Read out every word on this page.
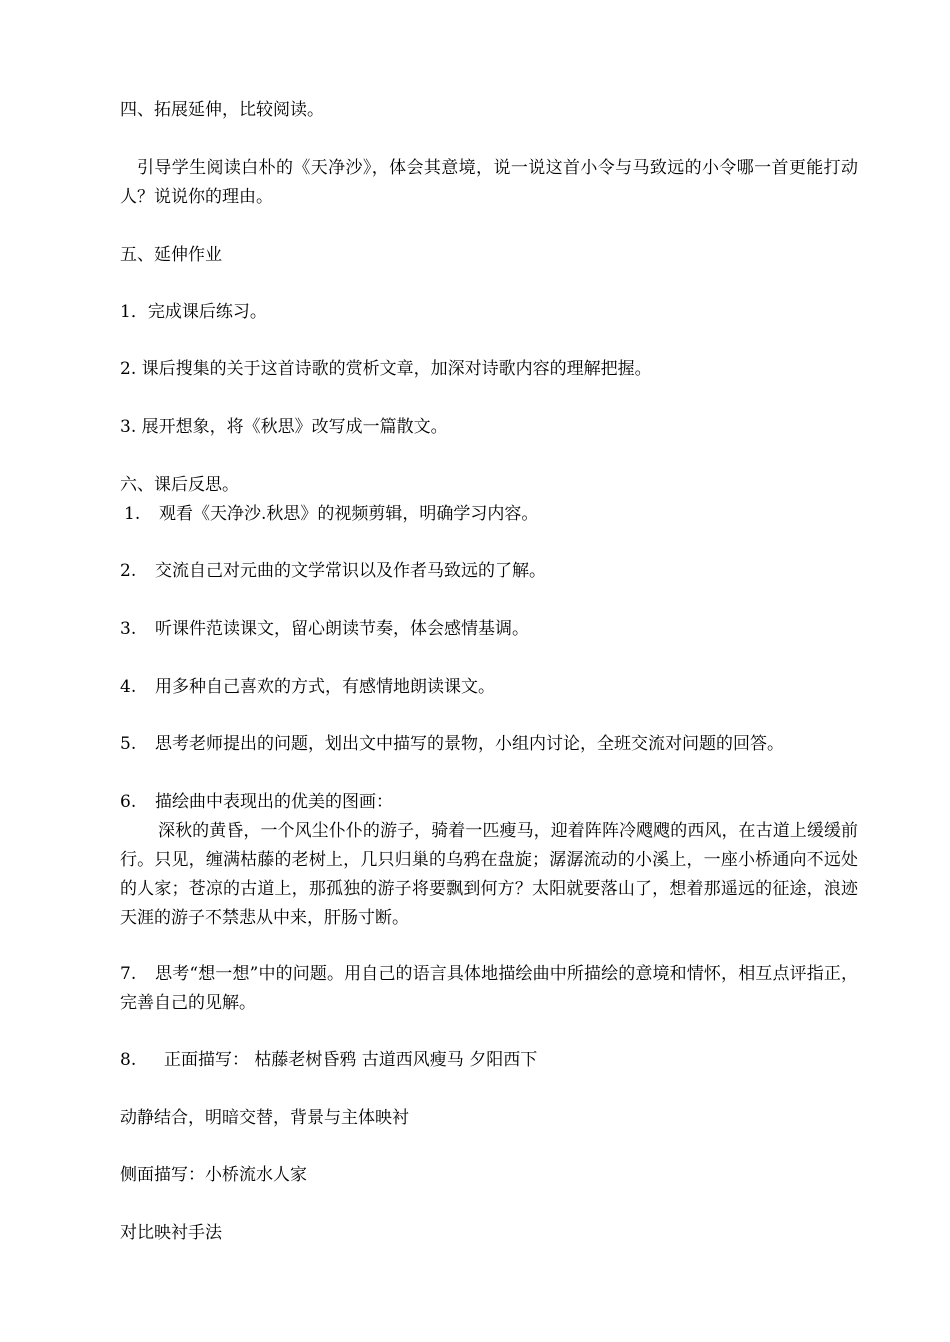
四、拓展延伸，比较阅读。
引导学生阅读白朴的《天净沙》，体会其意境，说一说这首小令与马致远的小令哪一首更能打动人？说说你的理由。
五、延伸作业
1．完成课后练习。
2. 课后搜集的关于这首诗歌的赏析文章，加深对诗歌内容的理解把握。
3. 展开想象，将《秋思》改写成一篇散文。
六、课后反思。
1. 观看《天净沙.秋思》的视频剪辑，明确学习内容。
2. 交流自己对元曲的文学常识以及作者马致远的了解。
3. 听课件范读课文，留心朗读节奏，体会感情基调。
4. 用多种自己喜欢的方式，有感情地朗读课文。
5. 思考老师提出的问题，划出文中描写的景物，小组内讨论，全班交流对问题的回答。
6. 描绘曲中表现出的优美的图画：
深秋的黄昏，一个风尘仆仆的游子，骑着一匹瘦马，迎着阵阵冷飕飕的西风，在古道上缓缓前行。只见，缠满枯藤的老树上，几只归巢的乌鸦在盘旋；潺潺流动的小溪上，一座小桥通向不远处的人家；苍凉的古道上，那孤独的游子将要飘到何方？太阳就要落山了，想着那遥远的征途，浪迹天涯的游子不禁悲从中来，肝肠寸断。
7. 思考“想一想”中的问题。用自己的语言具体地描绘曲中所描绘的意境和情怀，相互点评指正，完善自己的见解。
8. 正面描写： 枯藤老树昏鸦 古道西风瘦马 夕阳西下
动静结合，明暗交替，背景与主体映衬
侧面描写：小桥流水人家
对比映衬手法
